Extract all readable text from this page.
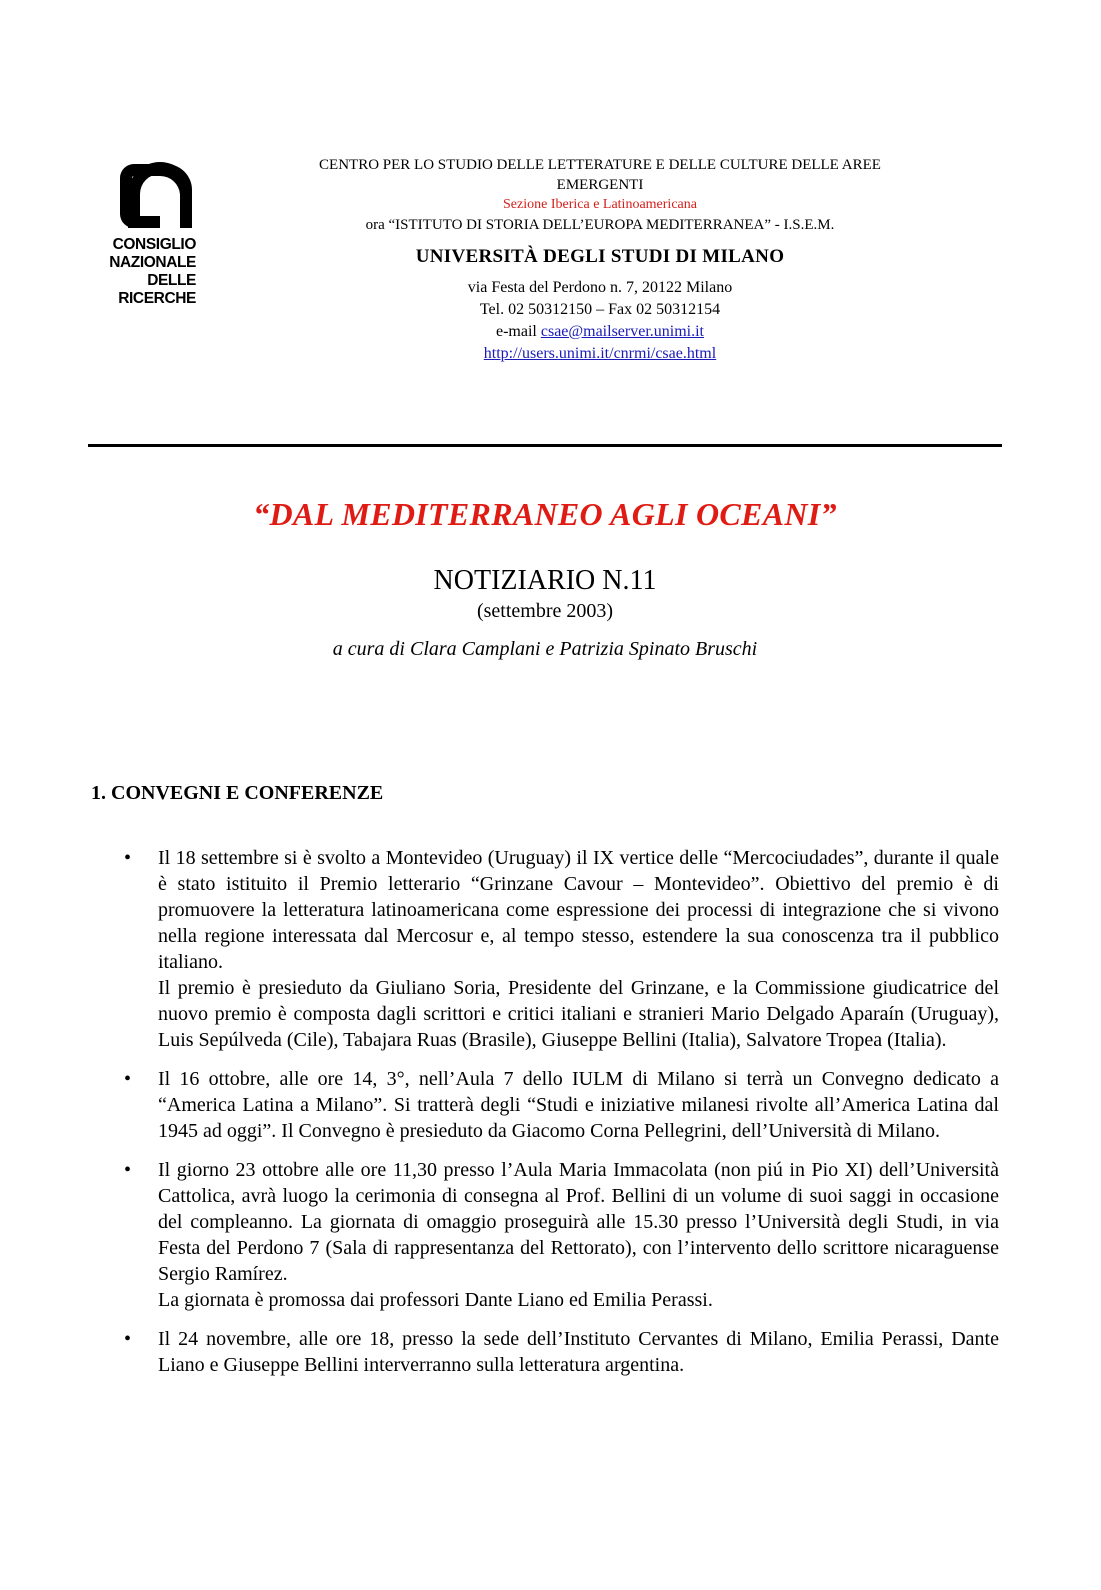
CONSIGLIO
NAZIONALE
DELLE
RICERCHE

CENTRO PER LO STUDIO DELLE LETTERATURE E DELLE CULTURE DELLE AREE

EMERGENTI

Sezione Iberica e Latinoamericana

ora “ISTITUTO DI STORIA DELL’EUROPA MEDITERRANEA” - I.S.E.M.

UNIVERSITÀ DEGLI STUDI DI MILANO

via Festa del Perdono n. 7, 20122 Milano

Tel. 02 50312150 – Fax 02 50312154

e-mail csae@mailserver.unimi.it

http://users.unimi.it/cnrmi/csae.html

“DAL MEDITERRANEO AGLI OCEANI”

NOTIZIARIO N.11

(settembre 2003)

a cura di Clara Camplani e Patrizia Spinato Bruschi

1. CONVEGNI E CONFERENZE

• Il 18 settembre si è svolto a Montevideo (Uruguay) il IX vertice delle “Mercociudades”, durante il quale è stato istituito il Premio letterario “Grinzane Cavour – Montevideo”. Obiettivo del premio è di promuovere la letteratura latinoamericana come espressione dei processi di integrazione che si vivono nella regione interessata dal Mercosur e, al tempo stesso, estendere la sua conoscenza tra il pubblico italiano.

Il premio è presieduto da Giuliano Soria, Presidente del Grinzane, e la Commissione giudicatrice del nuovo premio è composta dagli scrittori e critici italiani e stranieri Mario Delgado Aparaín (Uruguay), Luis Sepúlveda (Cile), Tabajara Ruas (Brasile), Giuseppe Bellini (Italia), Salvatore Tropea (Italia).

• Il 16 ottobre, alle ore 14, 3°, nell’Aula 7 dello IULM di Milano si terrà un Convegno dedicato a “America Latina a Milano”. Si tratterà degli “Studi e iniziative milanesi rivolte all’America Latina dal 1945 ad oggi”. Il Convegno è presieduto da Giacomo Corna Pellegrini, dell’Università di Milano.

• Il giorno 23 ottobre alle ore 11,30 presso l’Aula Maria Immacolata (non piú in Pio XI) dell’Università Cattolica, avrà luogo la cerimonia di consegna al Prof. Bellini di un volume di suoi saggi in occasione del compleanno. La giornata di omaggio proseguirà alle 15.30 presso l’Università degli Studi, in via Festa del Perdono 7 (Sala di rappresentanza del Rettorato), con l’intervento dello scrittore nicaraguense Sergio Ramírez.

La giornata è promossa dai professori Dante Liano ed Emilia Perassi.

• Il 24 novembre, alle ore 18, presso la sede dell’Instituto Cervantes di Milano, Emilia Perassi, Dante Liano e Giuseppe Bellini interverranno sulla letteratura argentina.
